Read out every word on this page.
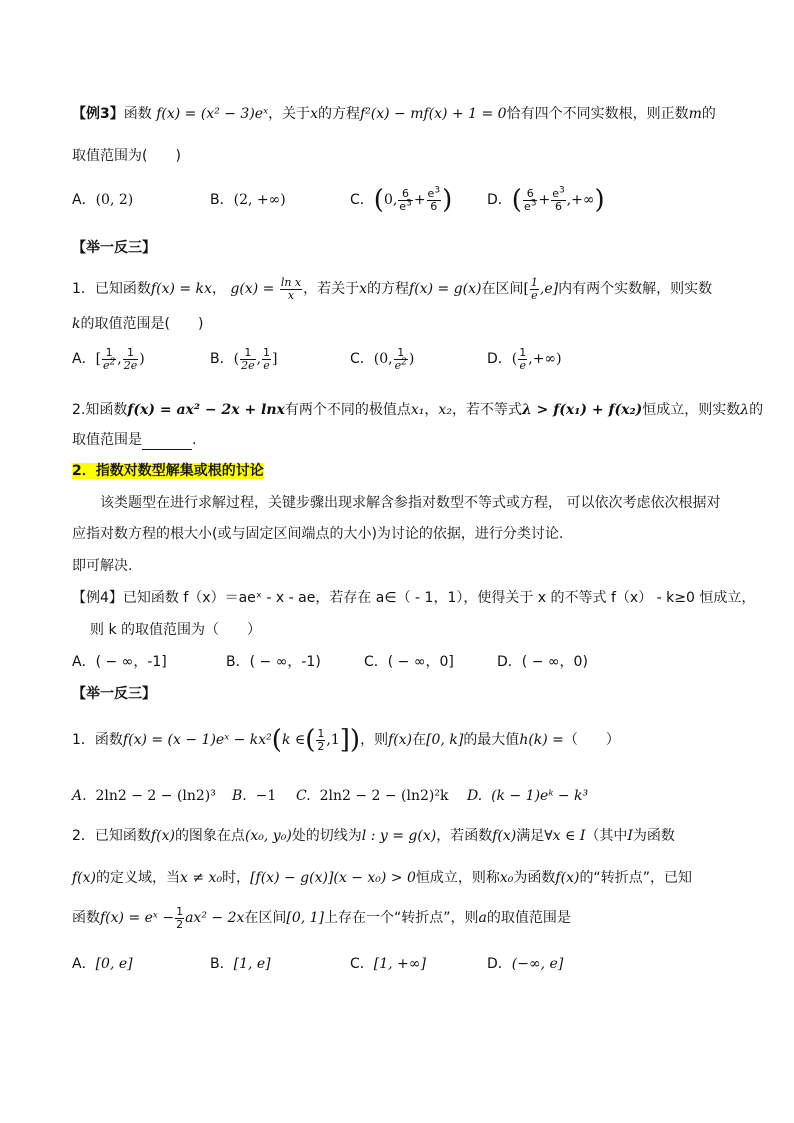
【例3】函数 f(x) = (x² − 3)eˣ，关于x的方程f²(x) − mf(x) + 1 = 0恰有四个不同实数根，则正数m的
取值范围为(　　)
A．(0, 2)	B．(2, +∞)	C．(0, $\frac{6}{e^3} + \frac{e^3}{6}$ ) D．( $\frac{6}{e^3} + \frac{e^3}{6}$ ,+∞)
【举一反三】
1．已知函数f(x) = kx， $g(x) = \frac{\text{ln x}}{x}$ ，若关于x的方程f(x) = g(x)在区间[ $\frac{1}{e} ,e$]内有两个实数解，则实数
k的取值范围是(　　)
A．[ $\frac{1}{e^2}$ , $\frac{1}{2e}$ )	B．( $\frac{1}{2e}$ , $\frac{1}{e}$ ]	C．(0, $\frac{1}{e^2}$ )	D．( $\frac{1}{e}$ ,+∞)
2.知函数f(x) = ax² − 2x + lnx有两个不同的极值点x₁，x₂，若不等式λ > f(x₁) + f(x₂)恒成立，则实数λ的
取值范围是	.
2．指数对数型解集或根的讨论
该类题型在进行求解过程，关键步骤出现求解含参指对数型不等式或方程， 可以依次考虑依次根据对
应指对数方程的根大小(或与固定区间端点的大小)为讨论的依据，进行分类讨论.
即可解决.
【例4】已知函数 f（x）＝aeˣ - x - ae，若存在 a∈（ - 1，1），使得关于 x 的不等式 f（x） - k≥0 恒成立，
则 k 的取值范围为（　　）
A．( − ∞，-1]	B．( − ∞，-1)	C．( − ∞，0]	D．( − ∞，0)
【举一反三】
1．函数f(x) = (x − 1)eˣ − kx²(k ∈( $\frac{1}{2} ,1$])，则f(x)在[0, k]的最大值h(k) =（　　）
A. 2ln2 − 2 − (ln2)³ B. −1 C. 2ln2 − 2 − (ln2)²k D. (k − 1)eᵏ − k³
2．已知函数f(x)的图象在点(x₀, y₀)处的切线为l : y = g(x)，若函数f(x)满足∀x ∈ I（其中I为函数
f(x)的定义域，当x ≠ x₀时，[f(x) − g(x)](x − x₀) > 0恒成立，则称x₀为函数f(x)的“转折点”，已知
函数f(x) = eˣ − $\frac{1}{2} ax^2 - 2x$在区间[0, 1]上存在一个“转折点”，则a的取值范围是
A．[0, e]	B．[1, e]	C．[1, +∞]	D．(−∞, e]
